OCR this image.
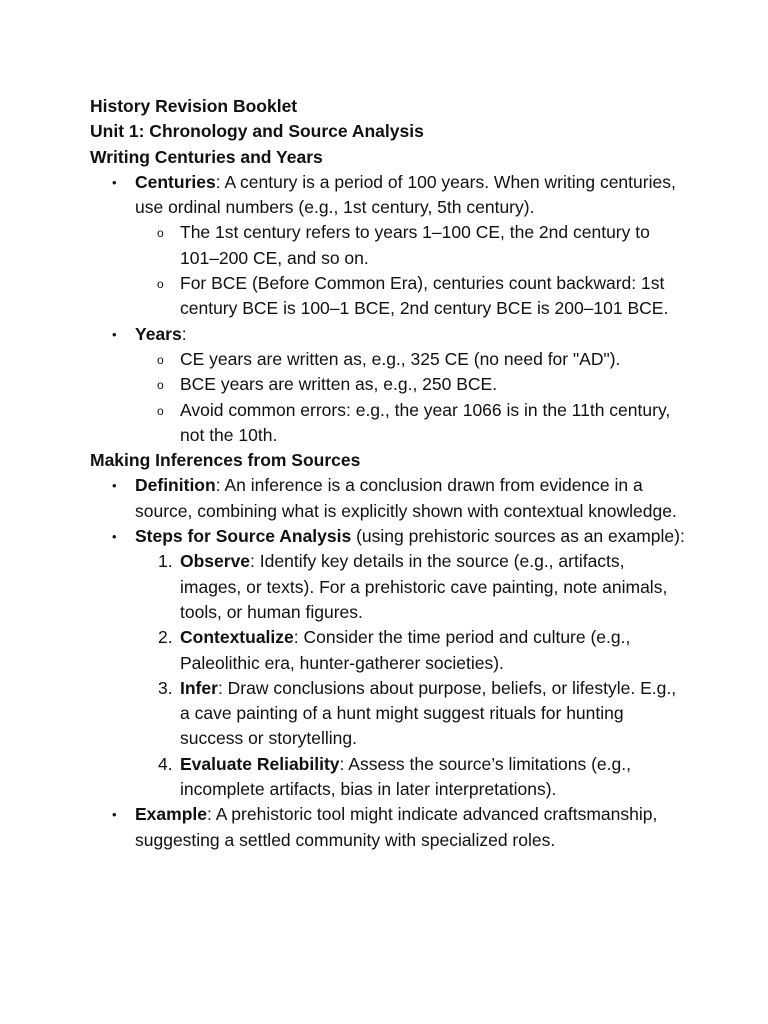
History Revision Booklet

Unit 1: Chronology and Source Analysis

Writing Centuries and Years

• Centuries: A century is a period of 100 years. When writing centuries, use ordinal numbers (e.g., 1st century, 5th century).
o The 1st century refers to years 1–100 CE, the 2nd century to 101–200 CE, and so on.
o For BCE (Before Common Era), centuries count backward: 1st century BCE is 100–1 BCE, 2nd century BCE is 200–101 BCE.
• Years:
o CE years are written as, e.g., 325 CE (no need for "AD").
o BCE years are written as, e.g., 250 BCE.
o Avoid common errors: e.g., the year 1066 is in the 11th century, not the 10th.

Making Inferences from Sources

• Definition: An inference is a conclusion drawn from evidence in a source, combining what is explicitly shown with contextual knowledge.
• Steps for Source Analysis (using prehistoric sources as an example):
1. Observe: Identify key details in the source (e.g., artifacts, images, or texts). For a prehistoric cave painting, note animals, tools, or human figures.
2. Contextualize: Consider the time period and culture (e.g., Paleolithic era, hunter-gatherer societies).
3. Infer: Draw conclusions about purpose, beliefs, or lifestyle. E.g., a cave painting of a hunt might suggest rituals for hunting success or storytelling.
4. Evaluate Reliability: Assess the source’s limitations (e.g., incomplete artifacts, bias in later interpretations).
• Example: A prehistoric tool might indicate advanced craftsmanship, suggesting a settled community with specialized roles.
